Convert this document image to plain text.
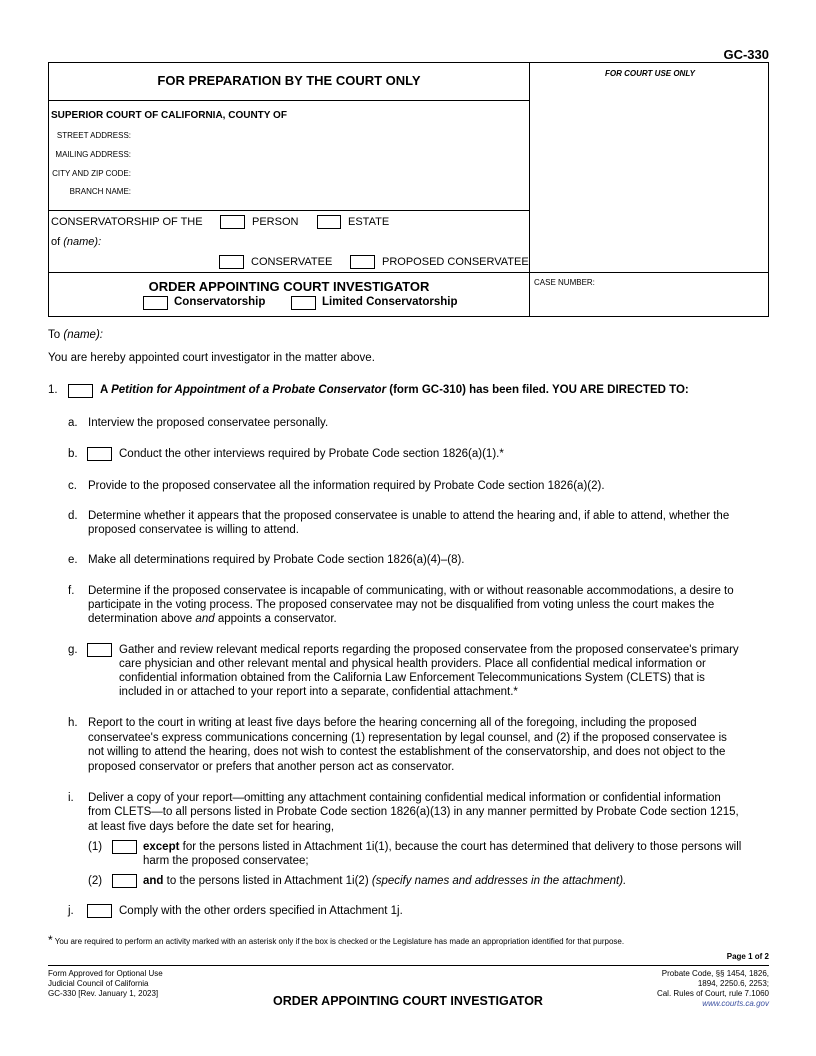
GC-330
FOR PREPARATION BY THE COURT ONLY	FOR COURT USE ONLY
SUPERIOR COURT OF CALIFORNIA, COUNTY OF
STREET ADDRESS:
MAILING ADDRESS:
CITY AND ZIP CODE:
BRANCH NAME:
CONSERVATORSHIP OF THE	PERSON	ESTATE
of (name):
CONSERVATEE	PROPOSED CONSERVATEE
ORDER APPOINTING COURT INVESTIGATOR
Conservatorship	Limited Conservatorship
CASE NUMBER:
To (name):
You are hereby appointed court investigator in the matter above.
1.	A Petition for Appointment of a Probate Conservator (form GC-310) has been filed. YOU ARE DIRECTED TO:
a. Interview the proposed conservatee personally.
b.	Conduct the other interviews required by Probate Code section 1826(a)(1).*
c. Provide to the proposed conservatee all the information required by Probate Code section 1826(a)(2).
d. Determine whether it appears that the proposed conservatee is unable to attend the hearing and, if able to attend, whether the
proposed conservatee is willing to attend.
e. Make all determinations required by Probate Code section 1826(a)(4)–(8).
f. Determine if the proposed conservatee is incapable of communicating, with or without reasonable accommodations, a desire to
participate in the voting process. The proposed conservatee may not be disqualified from voting unless the court makes the
determination above and appoints a conservator.
g.	Gather and review relevant medical reports regarding the proposed conservatee from the proposed conservatee's primary
care physician and other relevant mental and physical health providers. Place all confidential medical information or
confidential information obtained from the California Law Enforcement Telecommunications System (CLETS) that is
included in or attached to your report into a separate, confidential attachment.*
h. Report to the court in writing at least five days before the hearing concerning all of the foregoing, including the proposed
conservatee's express communications concerning (1) representation by legal counsel, and (2) if the proposed conservatee is
not willing to attend the hearing, does not wish to contest the establishment of the conservatorship, and does not object to the
proposed conservator or prefers that another person act as conservator.
i. Deliver a copy of your report—omitting any attachment containing confidential medical information or confidential information
from CLETS—to all persons listed in Probate Code section 1826(a)(13) in any manner permitted by Probate Code section 1215,
at least five days before the date set for hearing,
(1)	except for the persons listed in Attachment 1i(1), because the court has determined that delivery to those persons will
harm the proposed conservatee;
(2)	and to the persons listed in Attachment 1i(2) (specify names and addresses in the attachment).
j.	Comply with the other orders specified in Attachment 1j.
* You are required to perform an activity marked with an asterisk only if the box is checked or the Legislature has made an appropriation identified for that purpose.
Page 1 of 2
Form Approved for Optional Use
Judicial Council of California
GC-330 [Rev. January 1, 2023]
ORDER APPOINTING COURT INVESTIGATOR
Probate Code, §§ 1454, 1826,
1894, 2250.6, 2253;
Cal. Rules of Court, rule 7.1060
www.courts.ca.gov
